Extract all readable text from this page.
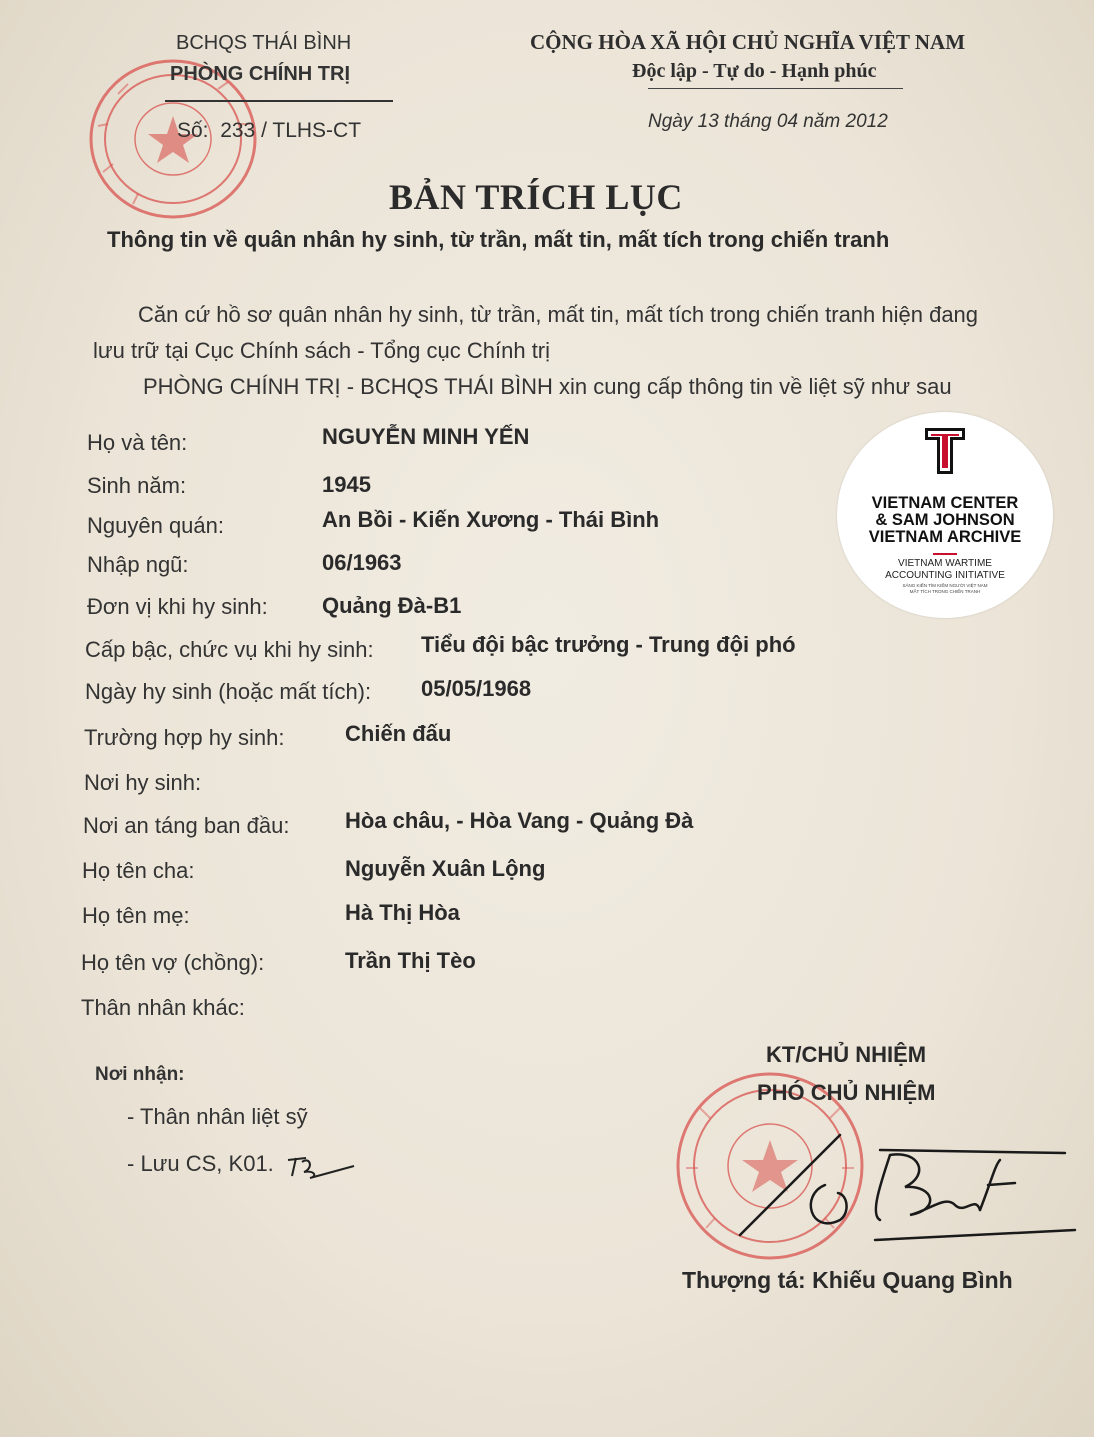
BCHQS THÁI BÌNH
PHÒNG CHÍNH TRỊ
Số: 233 / TLHS-CT
CỘNG HÒA XÃ HỘI CHỦ NGHĨA VIỆT NAM
Độc lập - Tự do - Hạnh phúc
Ngày 13 tháng 04 năm 2012
BẢN TRÍCH LỤC
Thông tin về quân nhân hy sinh, từ trần, mất tin, mất tích trong chiến tranh
Căn cứ hồ sơ quân nhân hy sinh, từ trần, mất tin, mất tích trong chiến tranh hiện đang
lưu trữ tại Cục Chính sách - Tổng cục Chính trị
PHÒNG CHÍNH TRỊ - BCHQS THÁI BÌNH xin cung cấp thông tin về liệt sỹ như sau
Họ và tên:	NGUYỄN MINH YẾN
Sinh năm:	1945
Nguyên quán:	An Bồi - Kiến Xương - Thái Bình
Nhập ngũ:	06/1963
Đơn vị khi hy sinh: Quảng Đà-B1
Cấp bậc, chức vụ khi hy sinh: Tiểu đội bậc trưởng - Trung đội phó
Ngày hy sinh (hoặc mất tích): 05/05/1968
Trường hợp hy sinh:	Chiến đấu
Nơi hy sinh:
Nơi an táng ban đầu:	Hòa châu, - Hòa Vang - Quảng Đà
Họ tên cha:	Nguyễn Xuân Lộng
Họ tên mẹ:	Hà Thị Hòa
Họ tên vợ (chồng):	Trần Thị Tèo
Thân nhân khác:
Nơi nhận:
- Thân nhân liệt sỹ
- Lưu CS, K01.
KT/CHỦ NHIỆM
PHÓ CHỦ NHIỆM
Thượng tá: Khiếu Quang Bình
VIETNAM CENTER
& SAM JOHNSON
VIETNAM ARCHIVE
VIETNAM WARTIME
ACCOUNTING INITIATIVE
SÁNG KIẾN TÌM KIẾM NGƯỜI VIỆT NAM
MẤT TÍCH TRONG CHIẾN TRANH
